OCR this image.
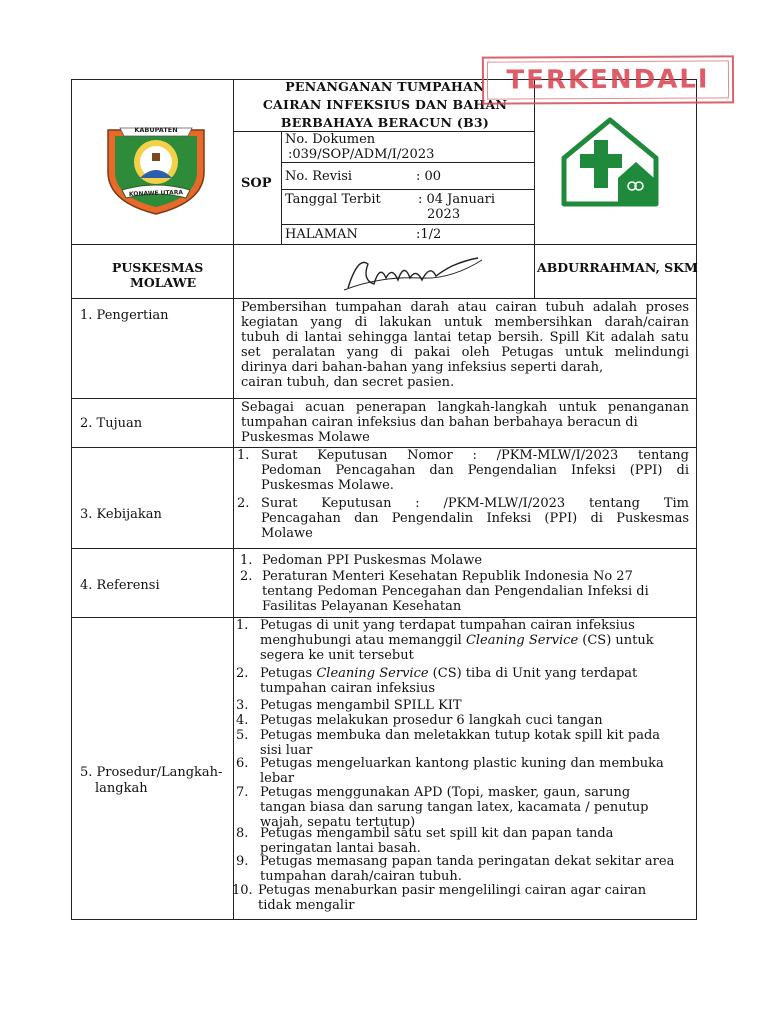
KABUPATEN
KONAWE UTARA
PENANGANAN TUMPAHAN
CAIRAN INFEKSIUS DAN BAHAN
BERBAHAYA BERACUN (B3)
TERKENDALI
SOP
No. Dokumen
:039/SOP/ADM/I/2023
No. Revisi	: 00
Tanggal Terbit	: 04 Januari
2023
HALAMAN	:1/2
PUSKESMAS
MOLAWE
ABDURRAHMAN, SKM
1. Pengertian
Pembersihan tumpahan darah atau cairan tubuh adalah proses
kegiatan yang di lakukan untuk membersihkan darah/cairan
tubuh di lantai sehingga lantai tetap bersih. Spill Kit adalah satu
set peralatan yang di pakai oleh Petugas untuk melindungi
dirinya dari bahan-bahan yang infeksius seperti darah,
cairan tubuh, dan secret pasien.
2. Tujuan
Sebagai acuan penerapan langkah-langkah untuk penanganan
tumpahan cairan infeksius dan bahan berbahaya beracun di
Puskesmas Molawe
3. Kebijakan
1. Surat Keputusan Nomor : /PKM-MLW/I/2023 tentang
Pedoman Pencagahan dan Pengendalian Infeksi (PPI) di
Puskesmas Molawe.
2. Surat Keputusan : /PKM-MLW/I/2023 tentang Tim
Pencagahan dan Pengendalin Infeksi (PPI) di Puskesmas
Molawe
4. Referensi
1. Pedoman PPI Puskesmas Molawe
2. Peraturan Menteri Kesehatan Republik Indonesia No 27
tentang Pedoman Pencegahan dan Pengendalian Infeksi di
Fasilitas Pelayanan Kesehatan
5. Prosedur/Langkah-
langkah
1. Petugas di unit yang terdapat tumpahan cairan infeksius
menghubungi atau memanggil Cleaning Service (CS) untuk
segera ke unit tersebut
2. Petugas Cleaning Service (CS) tiba di Unit yang terdapat
tumpahan cairan infeksius
3. Petugas mengambil SPILL KIT
4. Petugas melakukan prosedur 6 langkah cuci tangan
5. Petugas membuka dan meletakkan tutup kotak spill kit pada
sisi luar
6. Petugas mengeluarkan kantong plastic kuning dan membuka
lebar
7. Petugas menggunakan APD (Topi, masker, gaun, sarung
tangan biasa dan sarung tangan latex, kacamata / penutup
wajah, sepatu tertutup)
8. Petugas mengambil satu set spill kit dan papan tanda
peringatan lantai basah.
9. Petugas memasang papan tanda peringatan dekat sekitar area
tumpahan darah/cairan tubuh.
10. Petugas menaburkan pasir mengelilingi cairan agar cairan
tidak mengalir
